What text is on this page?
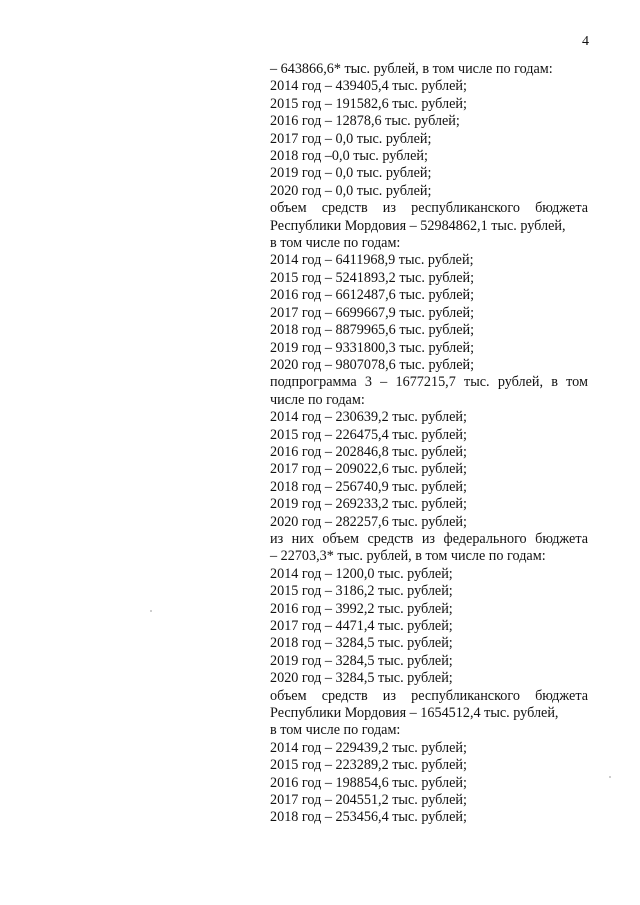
4
– 643866,6* тыс. рублей, в том числе по годам:
2014 год – 439405,4 тыс. рублей;
2015 год – 191582,6 тыс. рублей;
2016 год – 12878,6 тыс. рублей;
2017 год – 0,0 тыс. рублей;
2018 год –0,0 тыс. рублей;
2019 год – 0,0 тыс. рублей;
2020 год – 0,0 тыс. рублей;
объем средств из республиканского бюджета
Республики Мордовия – 52984862,1 тыс. рублей,
в том числе по годам:
2014 год – 6411968,9 тыс. рублей;
2015 год – 5241893,2 тыс. рублей;
2016 год – 6612487,6 тыс. рублей;
2017 год – 6699667,9 тыс. рублей;
2018 год – 8879965,6 тыс. рублей;
2019 год – 9331800,3 тыс. рублей;
2020 год – 9807078,6 тыс. рублей;
подпрограмма 3 – 1677215,7 тыс. рублей, в том
числе по годам:
2014 год – 230639,2 тыс. рублей;
2015 год – 226475,4 тыс. рублей;
2016 год – 202846,8 тыс. рублей;
2017 год – 209022,6 тыс. рублей;
2018 год – 256740,9 тыс. рублей;
2019 год – 269233,2 тыс. рублей;
2020 год – 282257,6 тыс. рублей;
из них объем средств из федерального бюджета
– 22703,3* тыс. рублей, в том числе по годам:
2014 год – 1200,0 тыс. рублей;
2015 год – 3186,2 тыс. рублей;
2016 год – 3992,2 тыс. рублей;
2017 год – 4471,4 тыс. рублей;
2018 год – 3284,5 тыс. рублей;
2019 год – 3284,5 тыс. рублей;
2020 год – 3284,5 тыс. рублей;
объем средств из республиканского бюджета
Республики Мордовия – 1654512,4 тыс. рублей,
в том числе по годам:
2014 год – 229439,2 тыс. рублей;
2015 год – 223289,2 тыс. рублей;
2016 год – 198854,6 тыс. рублей;
2017 год – 204551,2 тыс. рублей;
2018 год – 253456,4 тыс. рублей;
